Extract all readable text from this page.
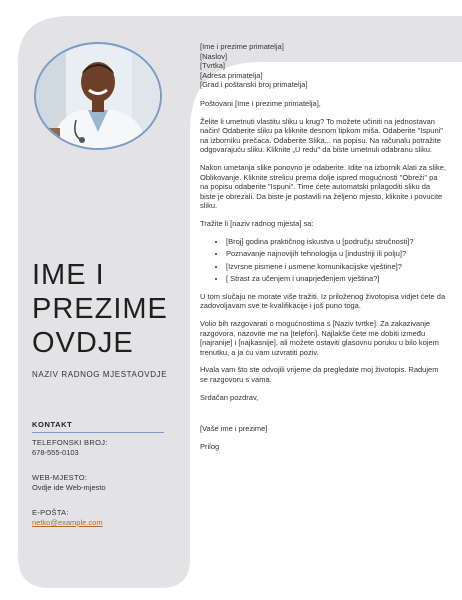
IME I
PREZIME
OVDJE
NAZIV RADNOG MJESTAOVDJE
KONTAKT
TELEFONSKI BROJ:
678-555-0103
WEB-MJESTO:
Ovdje ide Web-mjesto
E-POŠTA:
netko@example.com
[Ime i prezime primatelja]
[Naslov]
[Tvrtka]
[Adresa primatelja]
[Grad i poštanski broj primatelja]

Poštovani [Ime i prezime primatelja],

Želite li umetnuti vlastitu sliku u krug? To možete učiniti na jednostavan način! Odaberite sliku pa kliknite desnom tipkom miša. Odaberite "Ispuni" na izborniku prečaca. Odaberite Slika... na popisu. Na računalu potražite odgovarajuću sliku. Kliknite „U redu" da biste umetnuli odabranu sliku.

Nakon umetanja slike ponovno je odaberite. Idite na izbornik Alati za slike, Oblikovanje. Kliknite strelicu prema dolje ispred mogućnosti "Obreži" pa na popisu odaberite "Ispuni". Time ćete automatski prilagoditi sliku da biste je obrezali. Da biste je postavili na željeno mjesto, kliknite i povucite sliku.

Tražite li [naziv radnog mjesta] sa:

• [Broj] godina praktičnog iskustva u [području stručnosti]?
• Poznavanje najnovijih tehnologija u [industriji ili polju]?
• [Izvrsne pismene i usmene komunikacijske vještine]?
• [ Strast za učenjem i unaprjeđenjem vještina?]

U tom slučaju ne morate više tražiti. Iz priloženog životopisa vidjet ćete da zadovoljavam sve te kvalifikacije i još puno toga.

Volio bih razgovarati o mogućnostima s [Naziv tvrtke]. Za zakazivanje razgovora, nazovite me na [telefon]. Najlakše ćete me dobiti između [najranije] i [najkasnije], ali možete ostaviti glasovnu poruku u bilo kojem trenutku, a ja ću vam uzvratiti poziv.

Hvala vam što ste odvojili vrijeme da pregledate moj životopis. Radujem se razgovoru s vama.

Srdačan pozdrav,

[Vaše ime i prezime]

Prilog
